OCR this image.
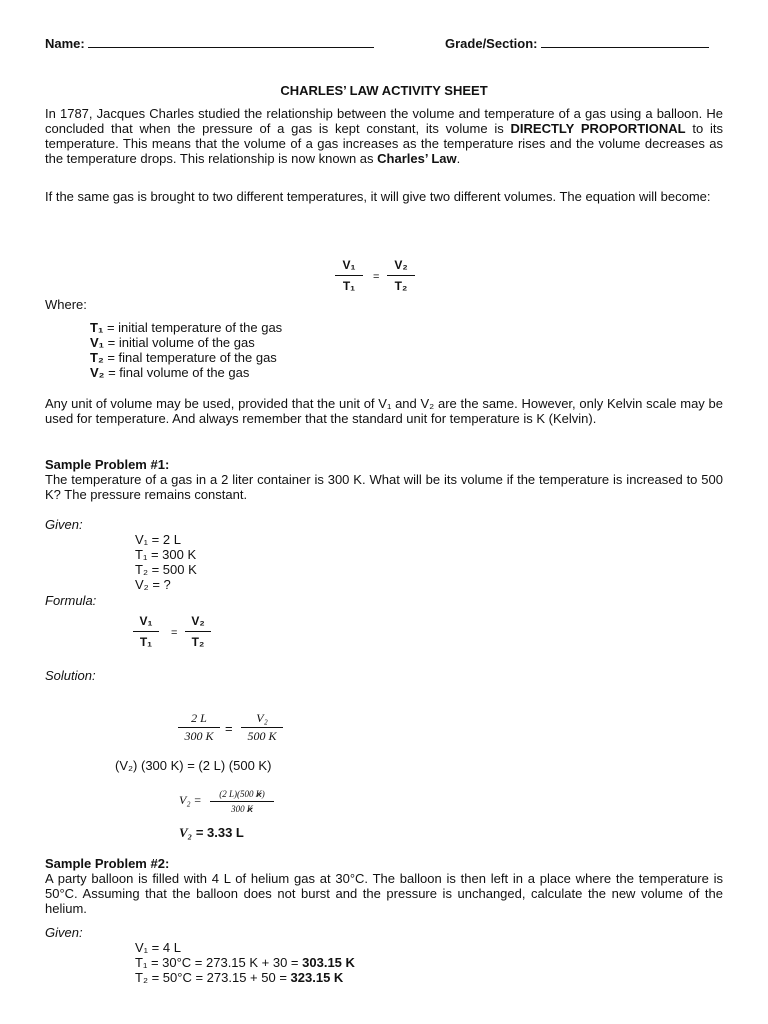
Name:	Grade/Section:
CHARLES’ LAW ACTIVITY SHEET
In 1787, Jacques Charles studied the relationship between the volume and temperature of a gas using a balloon. He concluded that when the pressure of a gas is kept constant, its volume is DIRECTLY PROPORTIONAL to its temperature. This means that the volume of a gas increases as the temperature rises and the volume decreases as the temperature drops. This relationship is now known as Charles’ Law.
If the same gas is brought to two different temperatures, it will give two different volumes. The equation will become:
V₁
T₁
=
V₂
T₂
Where:
T₁ = initial temperature of the gas
V₁ = initial volume of the gas
T₂ = final temperature of the gas
V₂ = final volume of the gas
Any unit of volume may be used, provided that the unit of V₁ and V₂ are the same. However, only Kelvin scale may be used for temperature. And always remember that the standard unit for temperature is K (Kelvin).
Sample Problem #1:
The temperature of a gas in a 2 liter container is 300 K. What will be its volume if the temperature is increased to 500 K? The pressure remains constant.
Given:
V₁ = 2 L
T₁ = 300 K
T₂ = 500 K
V₂ = ?
Formula:
V₁
T₁
=
V₂
T₂
Solution:
2 L
300 K =
V₂
500 K
(V₂) (300 K) = (2 L) (500 K)
V₂ =	(2 L)(500 K)
300 K
V₂ = 3.33 L
Sample Problem #2:
A party balloon is filled with 4 L of helium gas at 30°C. The balloon is then left in a place where the temperature is 50°C. Assuming that the balloon does not burst and the pressure is unchanged, calculate the new volume of the helium.
Given:
V₁ = 4 L
T₁ = 30°C = 273.15 K + 30 = 303.15 K
T₂ = 50°C = 273.15 + 50 = 323.15 K
